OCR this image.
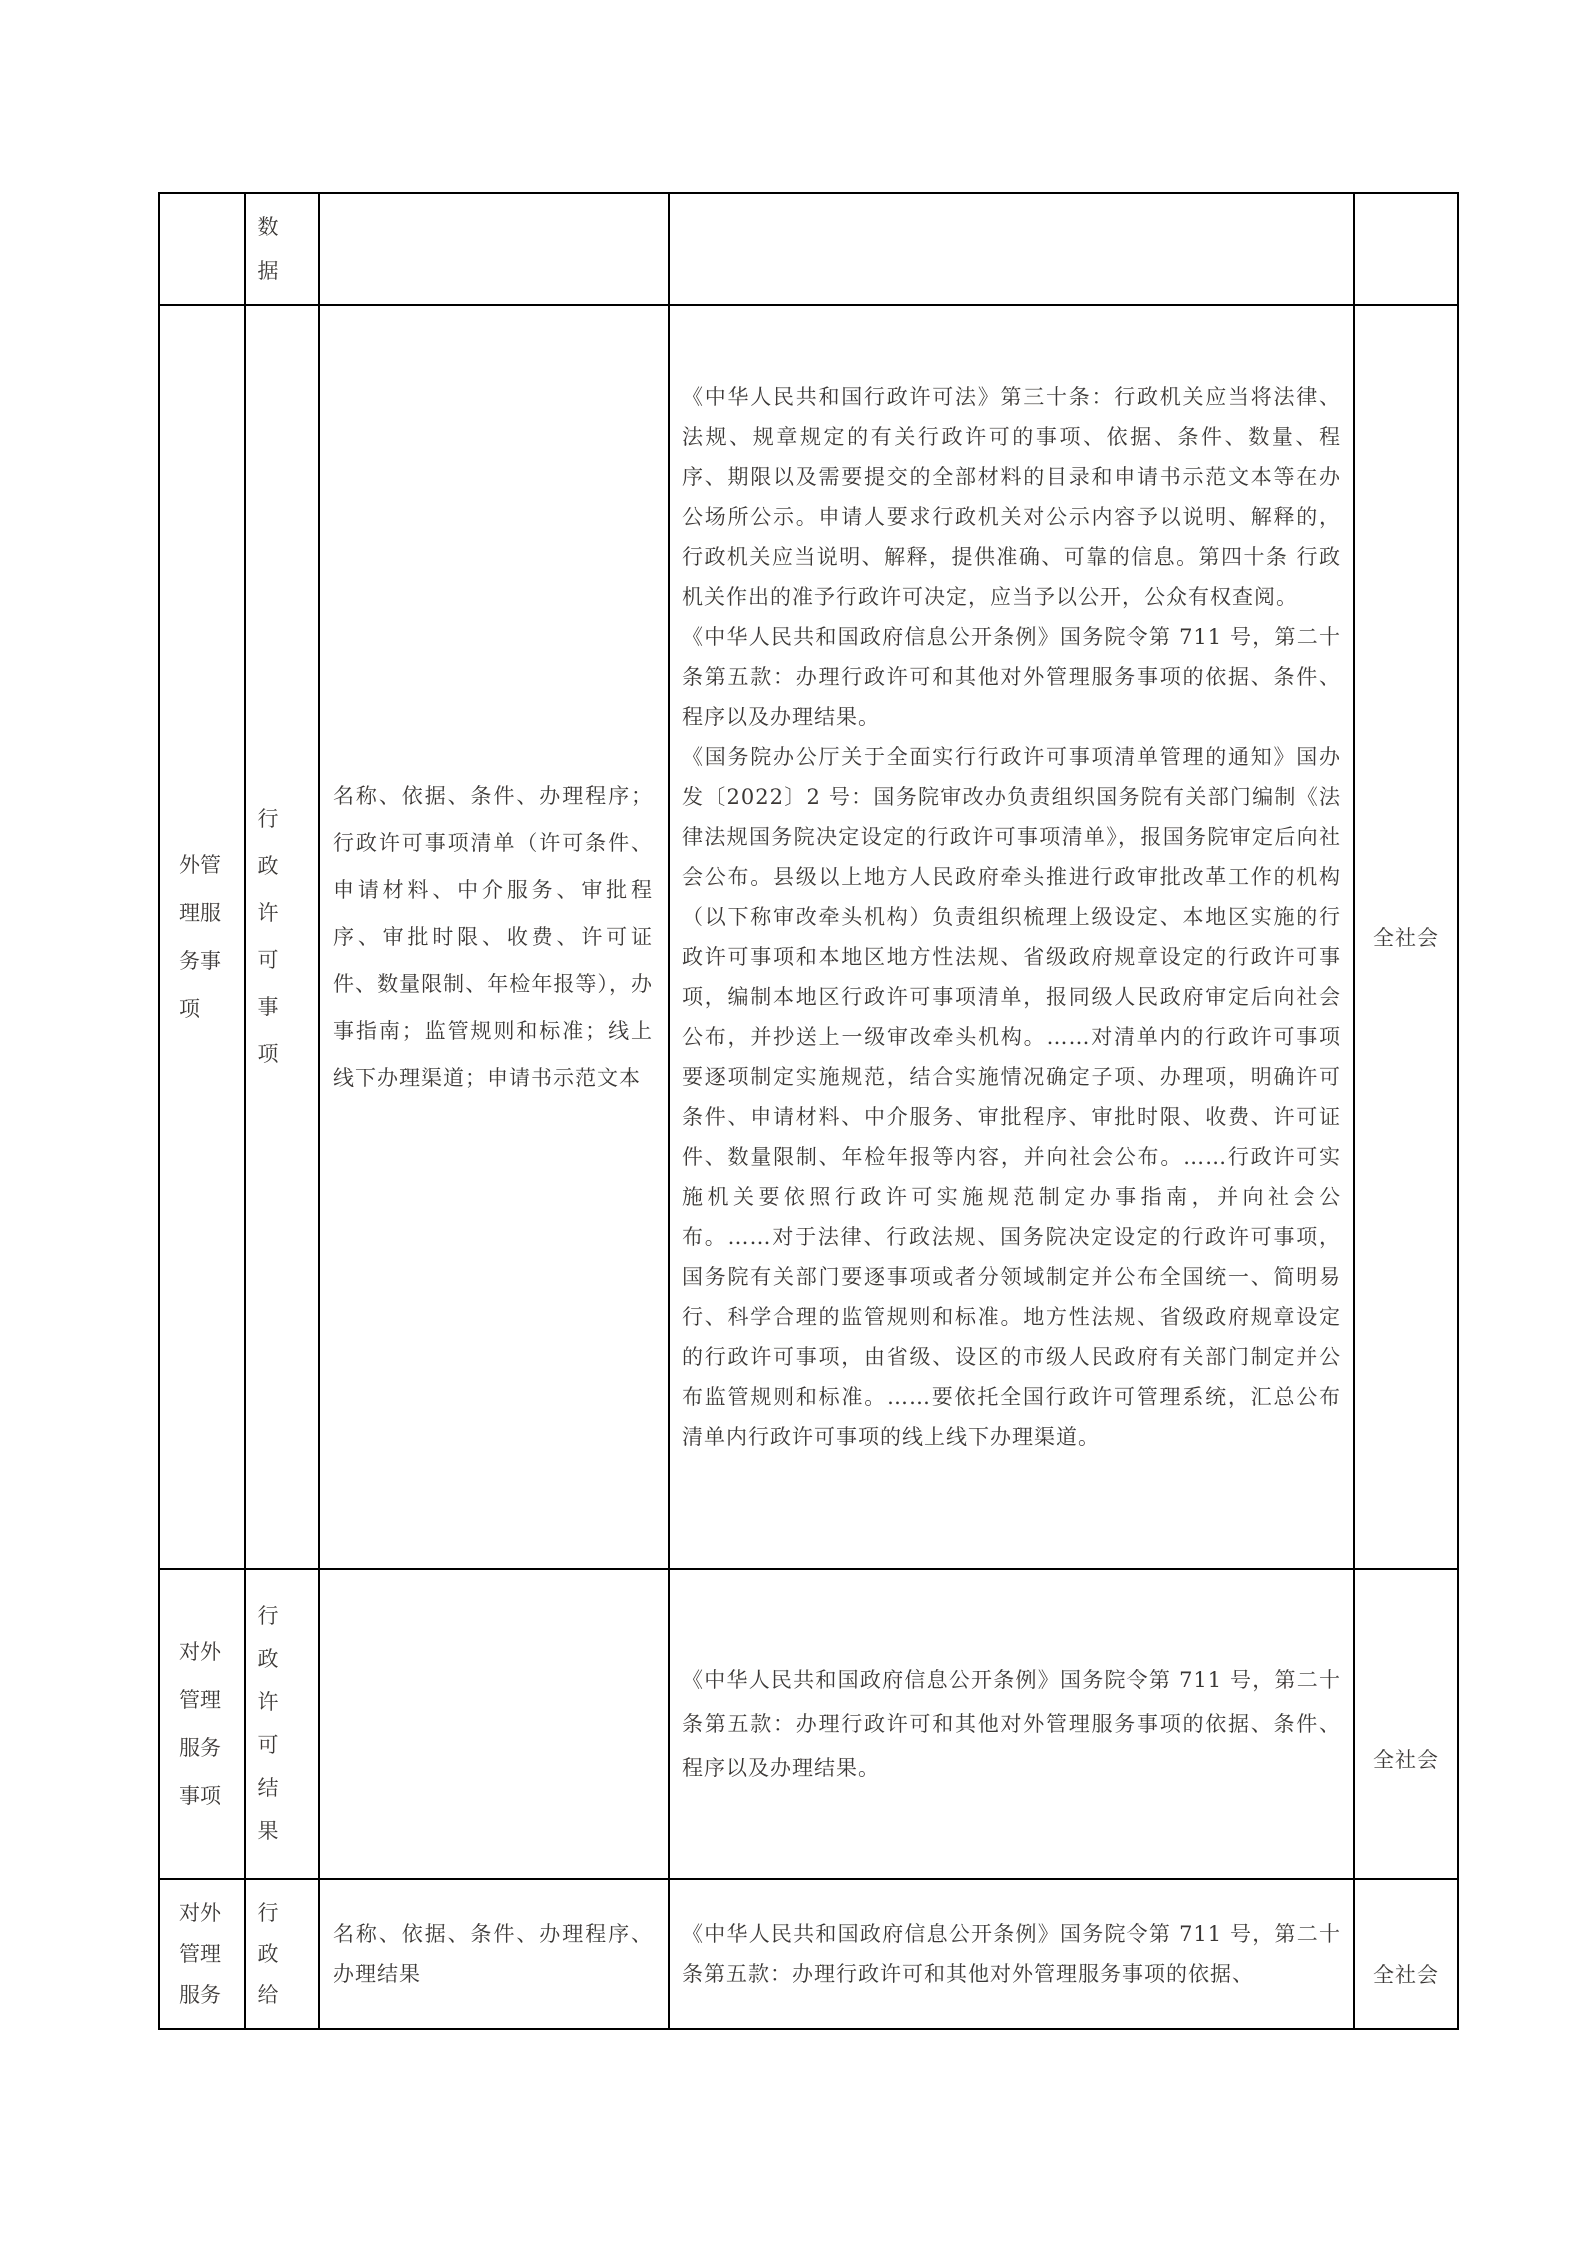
数据
外管理服务事项
行政许可事项
名称、依据、条件、办理程序；行政许可事项清单（许可条件、申请材料、中介服务、审批程序、审批时限、收费、许可证件、数量限制、年检年报等），办事指南；监管规则和标准；线上线下办理渠道；申请书示范文本

《中华人民共和国行政许可法》第三十条：行政机关应当将法律、法规、规章规定的有关行政许可的事项、依据、条件、数量、程序、期限以及需要提交的全部材料的目录和申请书示范文本等在办公场所公示。申请人要求行政机关对公示内容予以说明、解释的，行政机关应当说明、解释，提供准确、可靠的信息。第四十条 行政机关作出的准予行政许可决定，应当予以公开，公众有权查阅。

《中华人民共和国政府信息公开条例》国务院令第 711 号，第二十条第五款：办理行政许可和其他对外管理服务事项的依据、条件、程序以及办理结果。

《国务院办公厅关于全面实行行政许可事项清单管理的通知》国办发〔2022〕2 号：国务院审改办负责组织国务院有关部门编制《法律法规国务院决定设定的行政许可事项清单》，报国务院审定后向社会公布。县级以上地方人民政府牵头推进行政审批改革工作的机构（以下称审改牵头机构）负责组织梳理上级设定、本地区实施的行政许可事项和本地区地方性法规、省级政府规章设定的行政许可事项，编制本地区行政许可事项清单，报同级人民政府审定后向社会公布，并抄送上一级审改牵头机构。……对清单内的行政许可事项要逐项制定实施规范，结合实施情况确定子项、办理项，明确许可条件、申请材料、中介服务、审批程序、审批时限、收费、许可证件、数量限制、年检年报等内容，并向社会公布。……行政许可实施机关要依照行政许可实施规范制定办事指南，并向社会公布。……对于法律、行政法规、国务院决定设定的行政许可事项，国务院有关部门要逐事项或者分领域制定并公布全国统一、简明易行、科学合理的监管规则和标准。地方性法规、省级政府规章设定的行政许可事项，由省级、设区的市级人民政府有关部门制定并公布监管规则和标准。……要依托全国行政许可管理系统，汇总公布清单内行政许可事项的线上线下办理渠道。

全社会
对外管理服务事项
行政许可结果

《中华人民共和国政府信息公开条例》国务院令第 711 号，第二十条第五款：办理行政许可和其他对外管理服务事项的依据、条件、程序以及办理结果。	全社会
对外管理服务
行政给
名称、依据、条件、办理程序、办理结果

《中华人民共和国政府信息公开条例》国务院令第 711 号，第二十条第五款：办理行政许可和其他对外管理服务事项的依据、	全社会
